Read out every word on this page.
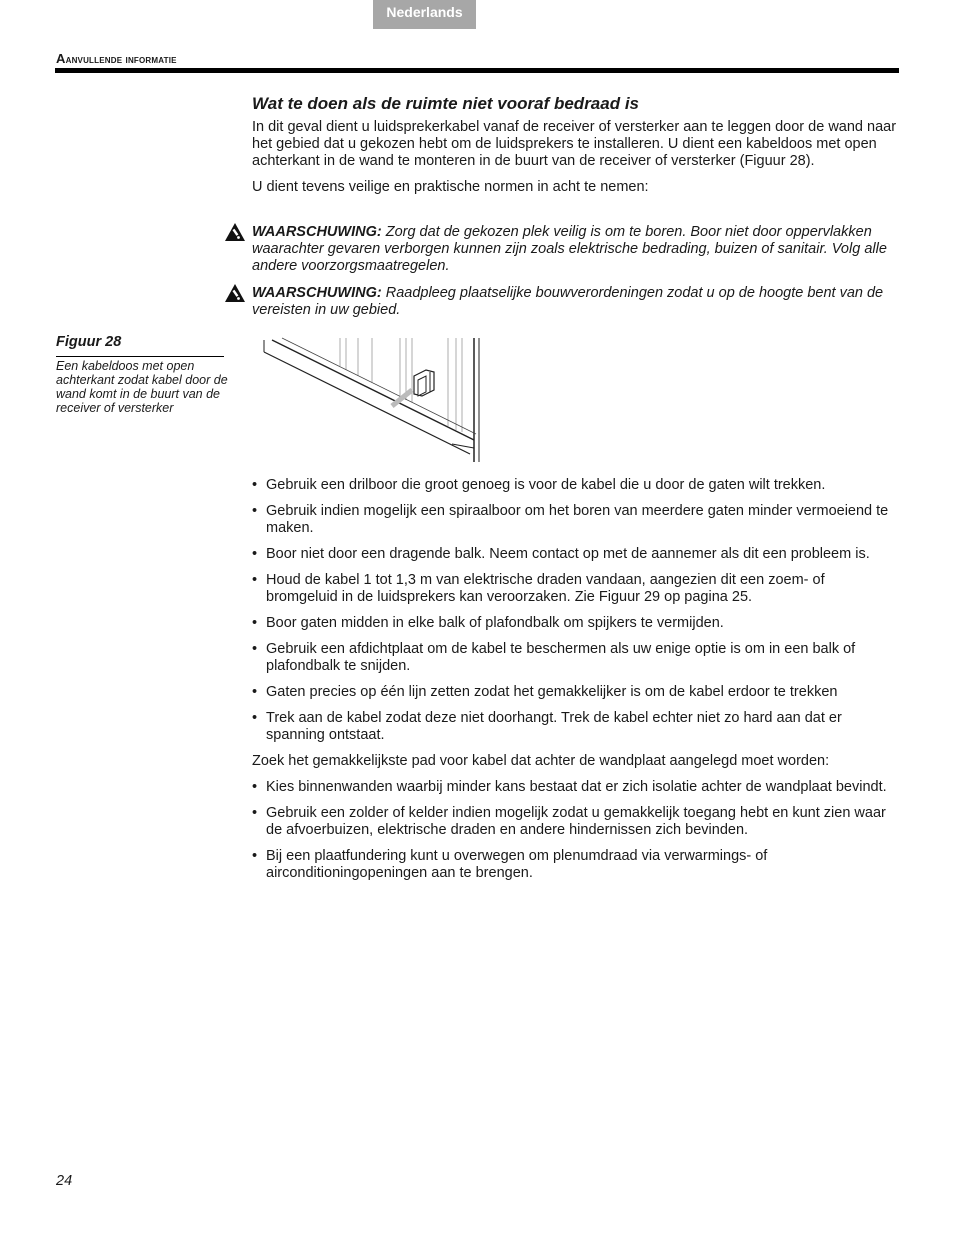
Nederlands
Aanvullende informatie
Wat te doen als de ruimte niet vooraf bedraad is

In dit geval dient u luidsprekerkabel vanaf de receiver of versterker aan te leggen door de wand naar het gebied dat u gekozen hebt om de luidsprekers te installeren. U dient een kabeldoos met open achterkant in de wand te monteren in de buurt van de receiver of versterker (Figuur 28).

U dient tevens veilige en praktische normen in acht te nemen:

WAARSCHUWING: Zorg dat de gekozen plek veilig is om te boren. Boor niet door oppervlakken waarachter gevaren verborgen kunnen zijn zoals elektrische bedrading, buizen of sanitair. Volg alle andere voorzorgsmaatregelen.
WAARSCHUWING: Raadpleeg plaatselijke bouwverordeningen zodat u op de hoogte bent van de vereisten in uw gebied.
Figuur 28
Een kabeldoos met open achterkant zodat kabel door de wand komt in de buurt van de receiver of versterker
• Gebruik een drilboor die groot genoeg is voor de kabel die u door de gaten wilt trekken.
• Gebruik indien mogelijk een spiraalboor om het boren van meerdere gaten minder vermoeiend te maken.
• Boor niet door een dragende balk. Neem contact op met de aannemer als dit een probleem is.
• Houd de kabel 1 tot 1,3 m van elektrische draden vandaan, aangezien dit een zoem- of bromgeluid in de luidsprekers kan veroorzaken. Zie Figuur 29 op pagina 25.
• Boor gaten midden in elke balk of plafondbalk om spijkers te vermijden.
• Gebruik een afdichtplaat om de kabel te beschermen als uw enige optie is om in een balk of plafondbalk te snijden.
• Gaten precies op één lijn zetten zodat het gemakkelijker is om de kabel erdoor te trekken
• Trek aan de kabel zodat deze niet doorhangt. Trek de kabel echter niet zo hard aan dat er spanning ontstaat.

Zoek het gemakkelijkste pad voor kabel dat achter de wandplaat aangelegd moet worden:

• Kies binnenwanden waarbij minder kans bestaat dat er zich isolatie achter de wandplaat bevindt.
• Gebruik een zolder of kelder indien mogelijk zodat u gemakkelijk toegang hebt en kunt zien waar de afvoerbuizen, elektrische draden en andere hindernissen zich bevinden.
• Bij een plaatfundering kunt u overwegen om plenumdraad via verwarmings- of airconditioningopeningen aan te brengen.
24
